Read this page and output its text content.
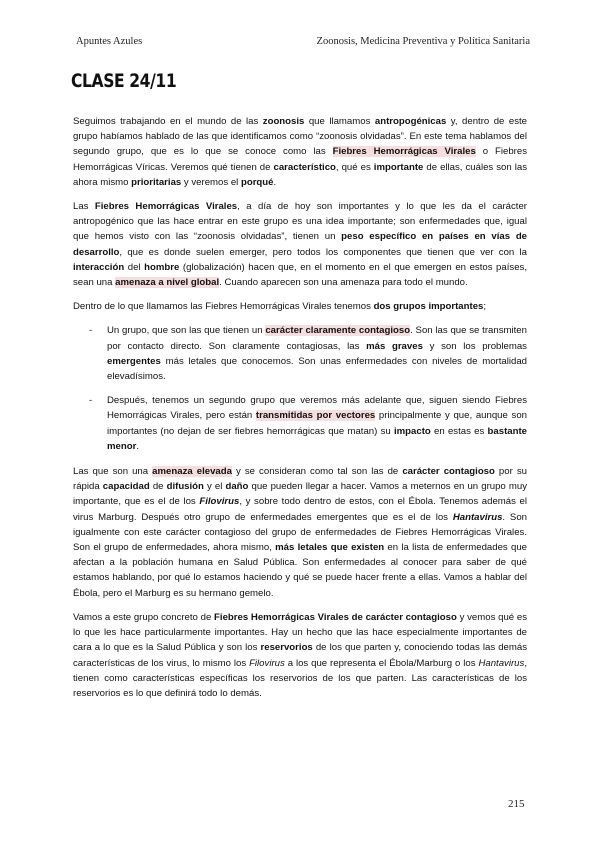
Apuntes Azules	Zoonosis, Medicina Preventiva y Política Sanitaria
CLASE 24/11

Seguimos trabajando en el mundo de las zoonosis que llamamos antropogénicas y, dentro de este grupo habíamos hablado de las que identificamos como “zoonosis olvidadas”. En este tema hablamos del segundo grupo, que es lo que se conoce como las Fiebres Hemorrágicas Virales o Fiebres Hemorrágicas Víricas. Veremos qué tienen de característico, qué es importante de ellas, cuáles son las ahora mismo prioritarias y veremos el porqué.

Las Fiebres Hemorrágicas Virales, a día de hoy son importantes y lo que les da el carácter antropogénico que las hace entrar en este grupo es una idea importante; son enfermedades que, igual que hemos visto con las “zoonosis olvidadas”, tienen un peso específico en países en vías de desarrollo, que es donde suelen emerger, pero todos los componentes que tienen que ver con la interacción del hombre (globalización) hacen que, en el momento en el que emergen en estos países, sean una amenaza a nivel global. Cuando aparecen son una amenaza para todo el mundo.

Dentro de lo que llamamos las Fiebres Hemorrágicas Virales tenemos dos grupos importantes;

- Un grupo, que son las que tienen un carácter claramente contagioso. Son las que se transmiten por contacto directo. Son claramente contagiosas, las más graves y son los problemas emergentes más letales que conocemos. Son unas enfermedades con niveles de mortalidad elevadísimos.
- Después, tenemos un segundo grupo que veremos más adelante que, siguen siendo Fiebres Hemorrágicas Virales, pero están transmitidas por vectores principalmente y que, aunque son importantes (no dejan de ser fiebres hemorrágicas que matan) su impacto en estas es bastante menor.

Las que son una amenaza elevada y se consideran como tal son las de carácter contagioso por su rápida capacidad de difusión y el daño que pueden llegar a hacer. Vamos a meternos en un grupo muy importante, que es el de los Filovirus, y sobre todo dentro de estos, con el Ébola. Tenemos además el virus Marburg. Después otro grupo de enfermedades emergentes que es el de los Hantavirus. Son igualmente con este carácter contagioso del grupo de enfermedades de Fiebres Hemorrágicas Virales. Son el grupo de enfermedades, ahora mismo, más letales que existen en la lista de enfermedades que afectan a la población humana en Salud Pública. Son enfermedades al conocer para saber de qué estamos hablando, por qué lo estamos haciendo y qué se puede hacer frente a ellas. Vamos a hablar del Ébola, pero el Marburg es su hermano gemelo.

Vamos a este grupo concreto de Fiebres Hemorrágicas Virales de carácter contagioso y vemos qué es lo que les hace particularmente importantes. Hay un hecho que las hace especialmente importantes de cara a lo que es la Salud Pública y son los reservorios de los que parten y, conociendo todas las demás características de los virus, lo mismo los Filovirus a los que representa el Ébola/Marburg o los Hantavirus, tienen como características específicas los reservorios de los que parten. Las características de los reservorios es lo que definirá todo lo demás.

215
